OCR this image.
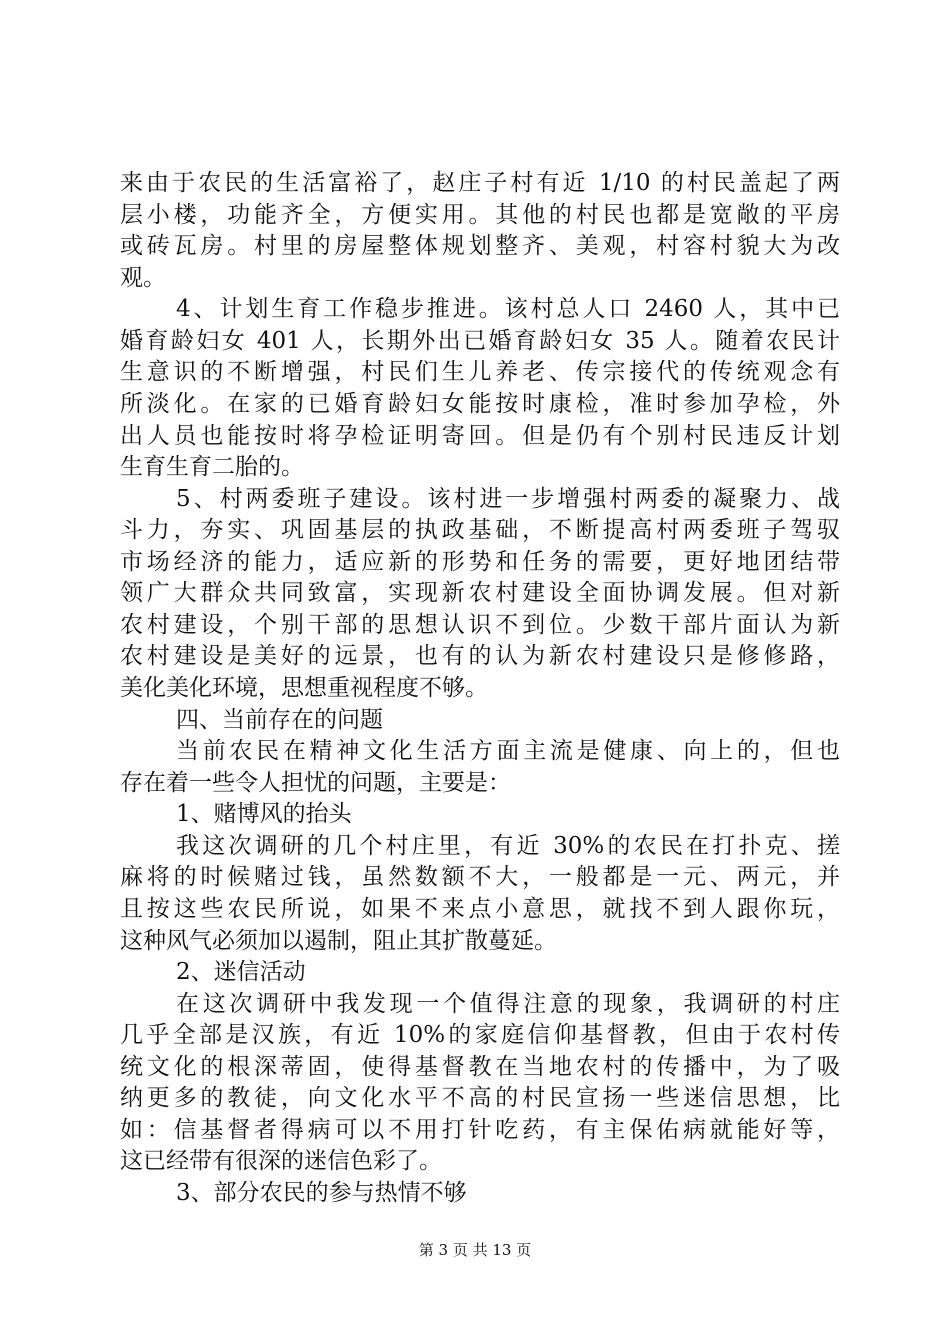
来由于农民的生活富裕了，赵庄子村有近 1/10 的村民盖起了两
层小楼，功能齐全，方便实用。其他的村民也都是宽敞的平房
或砖瓦房。村里的房屋整体规划整齐、美观，村容村貌大为改
观。
4、计划生育工作稳步推进。该村总人口 2460 人，其中已
婚育龄妇女 401 人，长期外出已婚育龄妇女 35 人。随着农民计
生意识的不断增强，村民们生儿养老、传宗接代的传统观念有
所淡化。在家的已婚育龄妇女能按时康检，准时参加孕检，外
出人员也能按时将孕检证明寄回。但是仍有个别村民违反计划
生育生育二胎的。
5、村两委班子建设。该村进一步增强村两委的凝聚力、战
斗力，夯实、巩固基层的执政基础，不断提高村两委班子驾驭
市场经济的能力，适应新的形势和任务的需要，更好地团结带
领广大群众共同致富，实现新农村建设全面协调发展。但对新
农村建设，个别干部的思想认识不到位。少数干部片面认为新
农村建设是美好的远景，也有的认为新农村建设只是修修路，
美化美化环境，思想重视程度不够。
四、当前存在的问题
当前农民在精神文化生活方面主流是健康、向上的，但也
存在着一些令人担忧的问题，主要是：
1、赌博风的抬头
我这次调研的几个村庄里，有近 30%的农民在打扑克、搓
麻将的时候赌过钱，虽然数额不大，一般都是一元、两元，并
且按这些农民所说，如果不来点小意思，就找不到人跟你玩，
这种风气必须加以遏制，阻止其扩散蔓延。
2、迷信活动
在这次调研中我发现一个值得注意的现象，我调研的村庄
几乎全部是汉族，有近 10%的家庭信仰基督教，但由于农村传
统文化的根深蒂固，使得基督教在当地农村的传播中，为了吸
纳更多的教徒，向文化水平不高的村民宣扬一些迷信思想，比
如：信基督者得病可以不用打针吃药，有主保佑病就能好等，
这已经带有很深的迷信色彩了。
3、部分农民的参与热情不够
第 3 页 共 13 页
